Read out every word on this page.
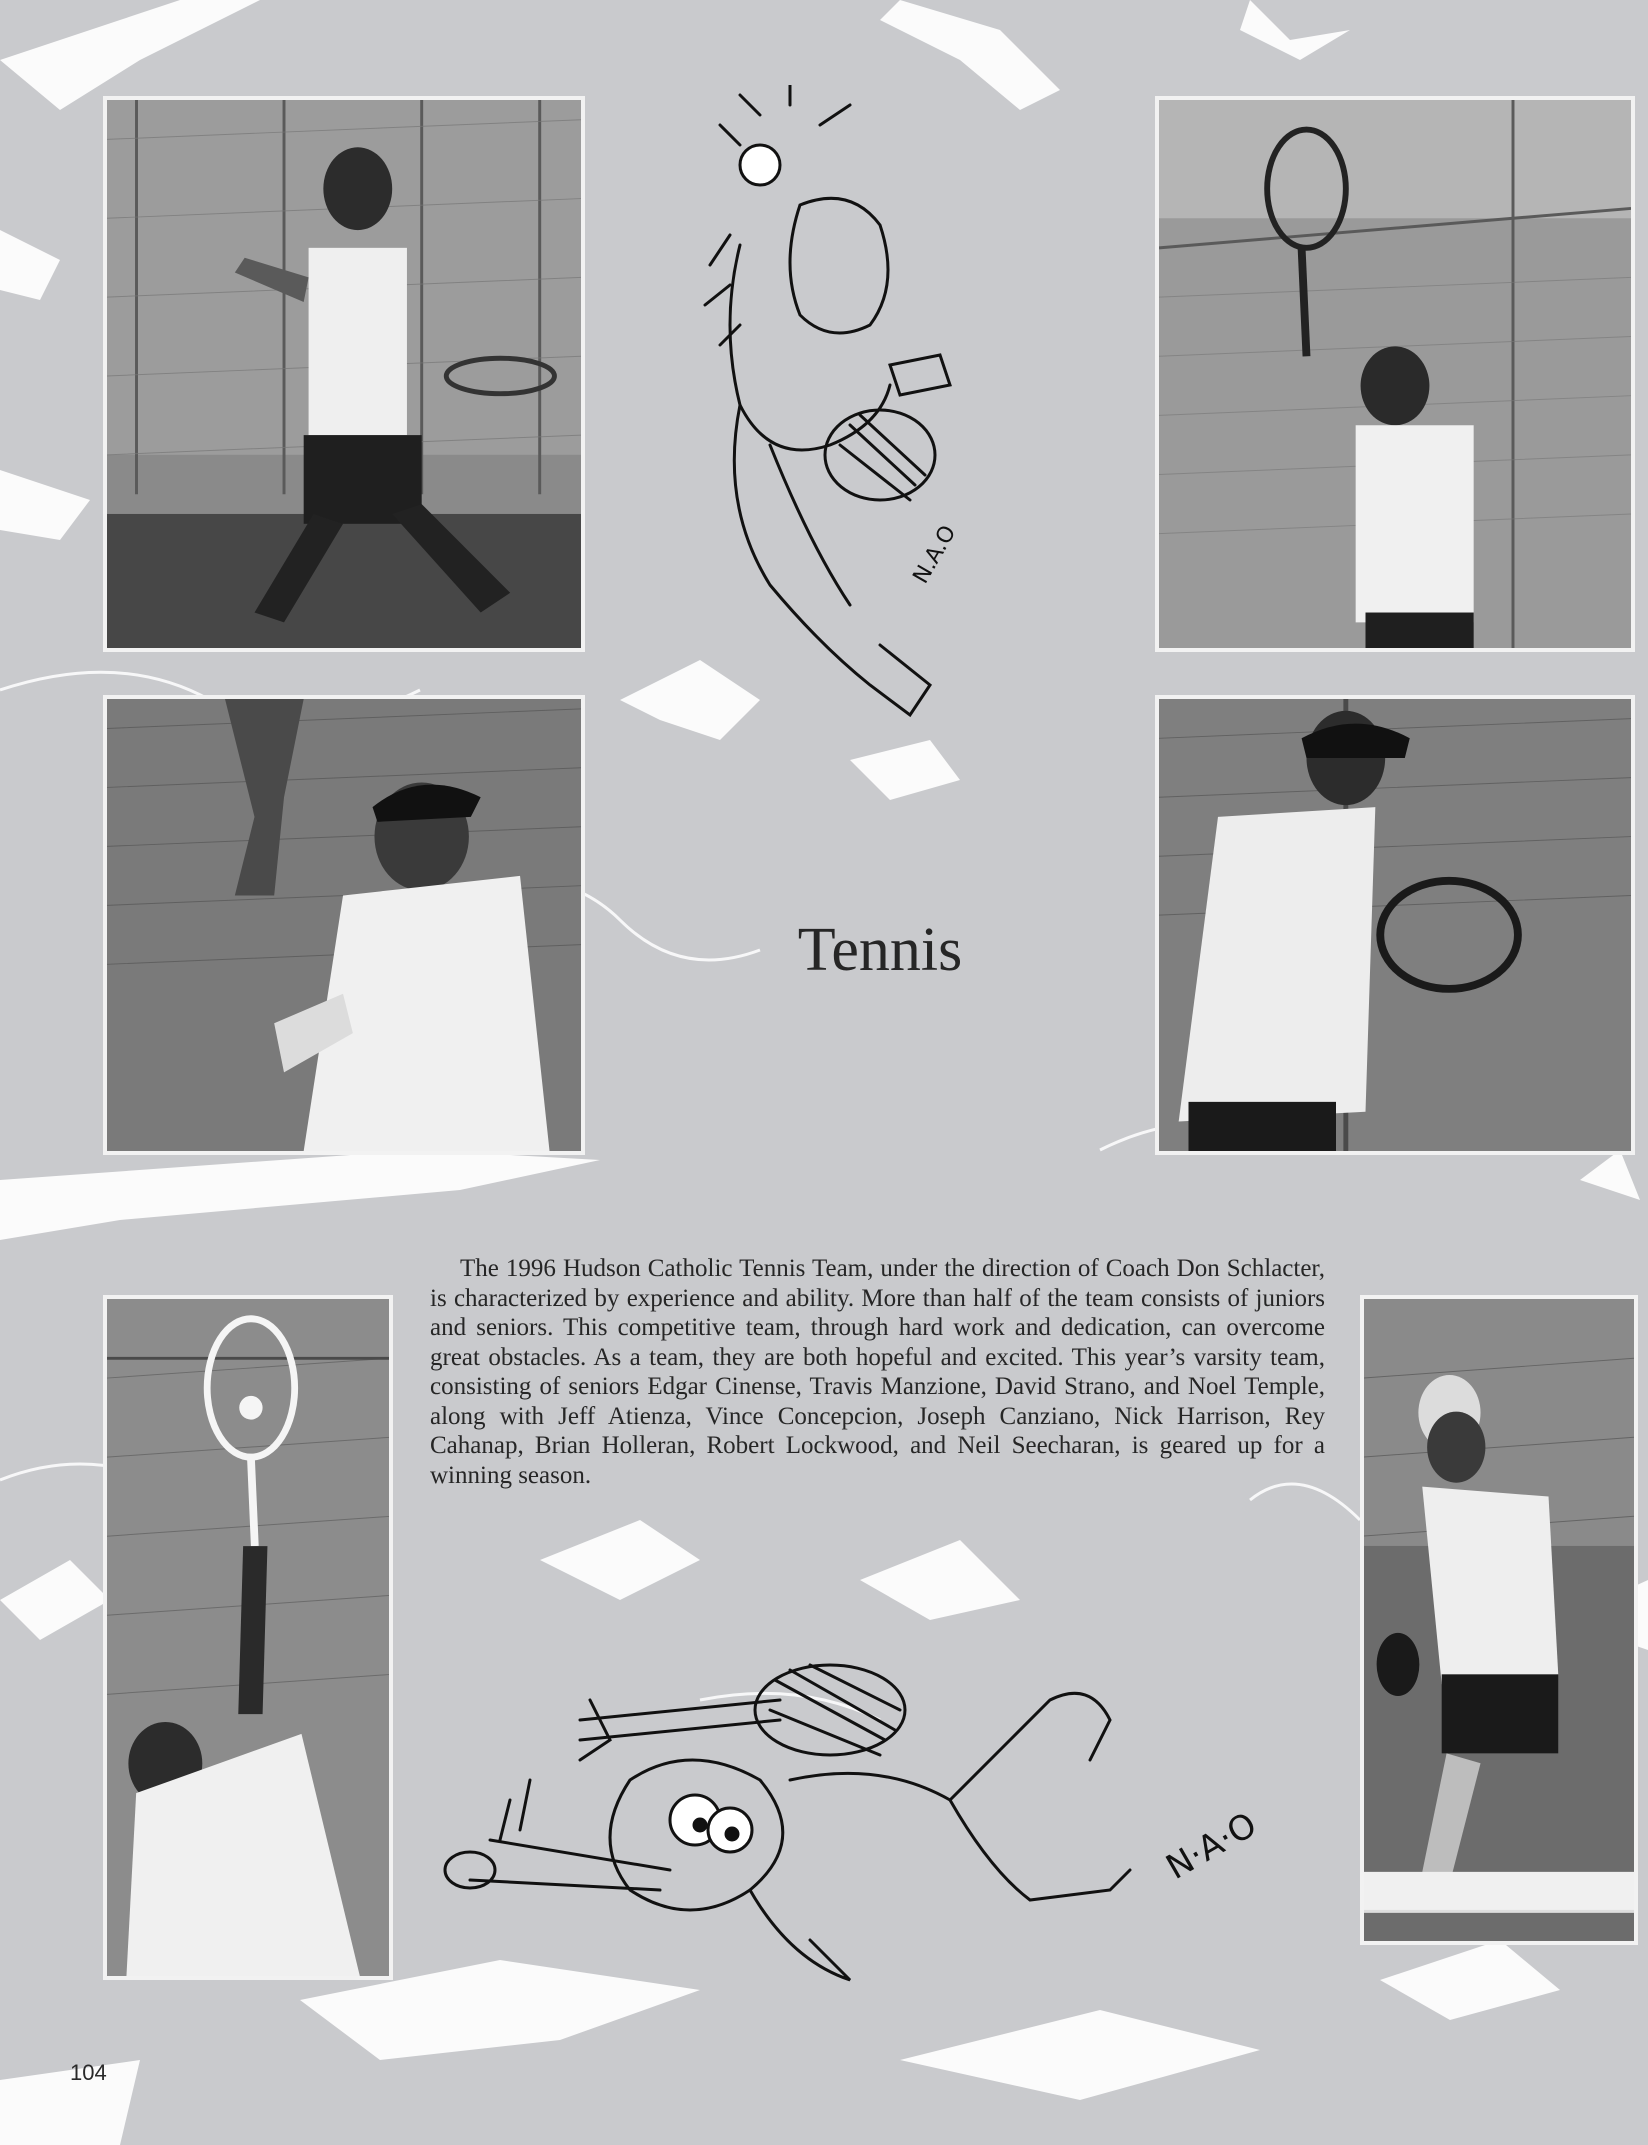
N.A.O
N·A·O
Tennis

The 1996 Hudson Catholic Tennis Team, under the direction of Coach Don Schlacter, is characterized by experience and ability. More than half of the team consists of juniors and seniors. This competitive team, through hard work and dedication, can overcome great obstacles. As a team, they are both hopeful and excited. This year’s varsity team, consisting of seniors Edgar Cinense, Travis Manzione, David Strano, and Noel Temple, along with Jeff Atienza, Vince Concepcion, Joseph Canziano, Nick Harrison, Rey Cahanap, Brian Holleran, Robert Lockwood, and Neil Seecharan, is geared up for a winning season.

104
